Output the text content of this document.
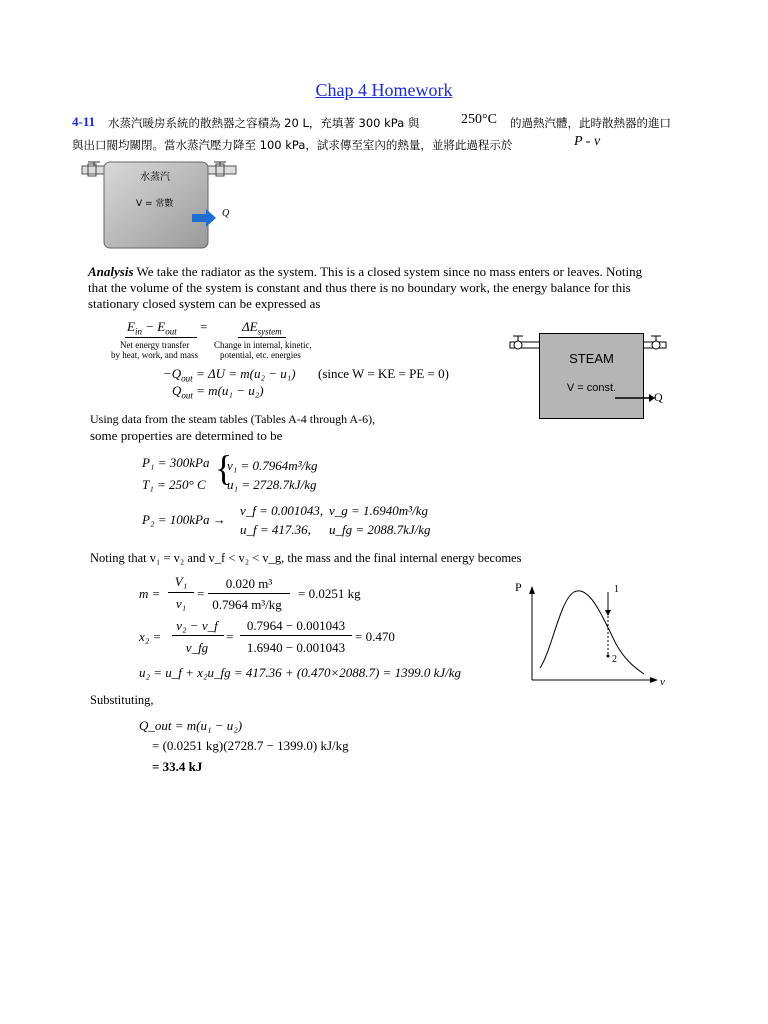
Chap 4 Homework
4-11 水蒸汽暖房系統的散熱器之容積為 20 L，充填著 300 kPa 與	250°C 的過熱汽體，此時散熱器的進口
與出口閥均關閉。當水蒸汽壓力降至 100 kPa，試求傳至室內的熱量，並將此過程示於	P - ν
水蒸汽
V = 常數
Q
Analysis We take the radiator as the system. This is a closed system since no mass enters or leaves. Noting
that the volume of the system is constant and thus there is no boundary work, the energy balance for this
stationary closed system can be expressed as
$E_{in} - E_{out}$ =	$\Delta E_{system}$
Net energy transfer
by heat, work, and mass
Change in internal, kinetic,
potential, etc. energies
$-Q_{out} = \Delta U = m(u_2 - u_1)$ (since W = KE = PE = 0)
$Q_{out} = m(u_1 - u_2)$
STEAM
V = const.
Q
Using data from the steam tables (Tables A-4 through A-6),
some properties are determined to be
P₁ = 300kPa
T₁ = 250° C {
v₁ = 0.7964m³/kg
u₁ = 2728.7kJ/kg
P₂ = 100kPa →
v_f = 0.001043, v_g = 1.6940m³/kg
u_f = 417.36, u_fg = 2088.7kJ/kg
Noting that v₁ = v₂ and v_f < v₂ < v_g, the mass and the final internal energy becomes
m =
V₁
v₁
=
0.020 m³
0.7964 m³/kg
= 0.0251 kg
x₂ =
v₂ − v_f
v_fg
=
0.7964 − 0.001043
1.6940 − 0.001043
= 0.470
u₂ = u_f + x₂u_fg = 417.36 + (0.470×2088.7) = 1399.0 kJ/kg
P
v
1
2
Substituting,
Q_out = m(u₁ − u₂)
= (0.0251 kg)(2728.7 − 1399.0) kJ/kg
= 33.4 kJ
